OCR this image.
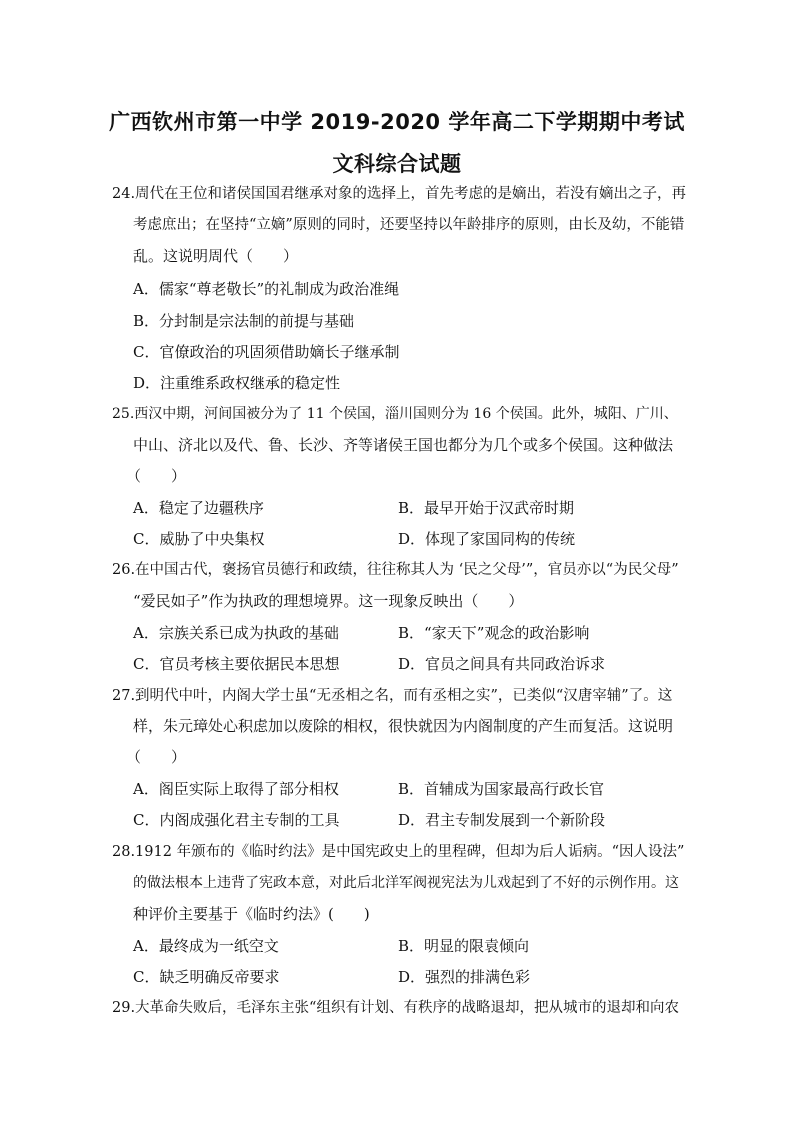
广西钦州市第一中学 2019-2020 学年高二下学期期中考试
文科综合试题
24.周代在王位和诸侯国国君继承对象的选择上，首先考虑的是嫡出，若没有嫡出之子，再
考虑庶出；在坚持“立嫡”原则的同时，还要坚持以年龄排序的原则，由长及幼，不能错
乱。这说明周代（　　）
A．儒家“尊老敬长”的礼制成为政治准绳
B．分封制是宗法制的前提与基础
C．官僚政治的巩固须借助嫡长子继承制
D．注重维系政权继承的稳定性
25.西汉中期，河间国被分为了 11 个侯国，淄川国则分为 16 个侯国。此外，城阳、广川、
中山、济北以及代、鲁、长沙、齐等诸侯王国也都分为几个或多个侯国。这种做法
（　　）
A．稳定了边疆秩序	B．最早开始于汉武帝时期
C．威胁了中央集权	D．体现了家国同构的传统
26.在中国古代，褒扬官员德行和政绩，往往称其人为 ‘民之父母’”，官员亦以“为民父母”
“爱民如子”作为执政的理想境界。这一现象反映出（　　）
A．宗族关系已成为执政的基础	B．“家天下”观念的政治影响
C．官员考核主要依据民本思想	D．官员之间具有共同政治诉求
27.到明代中叶，内阁大学士虽“无丞相之名，而有丞相之实”，已类似“汉唐宰辅”了。这
样，朱元璋处心积虑加以废除的相权，很快就因为内阁制度的产生而复活。这说明
（　　）
A．阁臣实际上取得了部分相权	B．首辅成为国家最高行政长官
C．内阁成强化君主专制的工具	D．君主专制发展到一个新阶段
28.1912 年颁布的《临时约法》是中国宪政史上的里程碑，但却为后人诟病。“因人设法”
的做法根本上违背了宪政本意，对此后北洋军阀视宪法为儿戏起到了不好的示例作用。这
种评价主要基于《临时约法》(　　)
A．最终成为一纸空文	B．明显的限袁倾向
C．缺乏明确反帝要求	D．强烈的排满色彩
29.大革命失败后，毛泽东主张“组织有计划、有秩序的战略退却，把从城市的退却和向农
